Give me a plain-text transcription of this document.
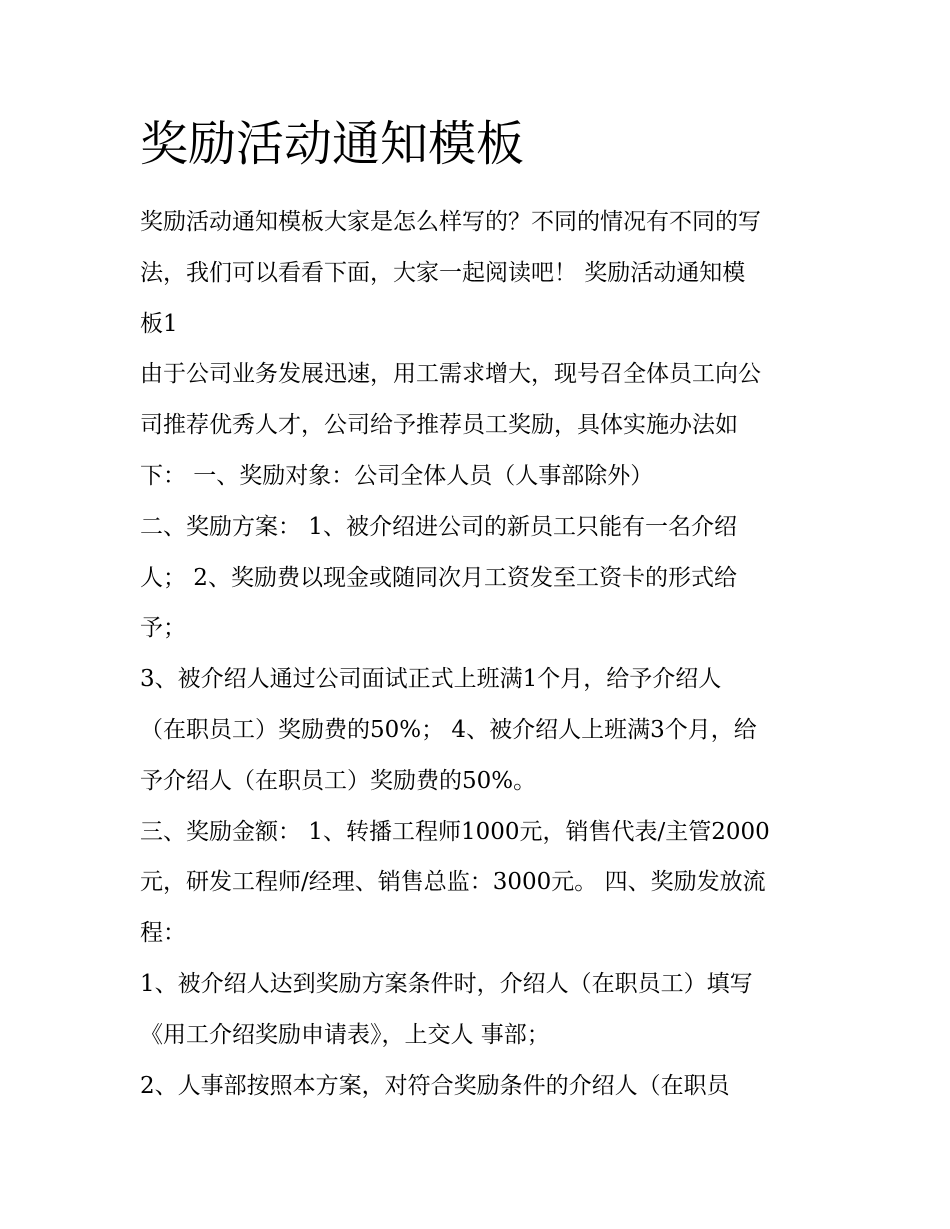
奖励活动通知模板
奖励活动通知模板大家是怎么样写的？不同的情况有不同的写
法，我们可以看看下面，大家一起阅读吧！ 奖励活动通知模
板1
由于公司业务发展迅速，用工需求增大，现号召全体员工向公
司推荐优秀人才，公司给予推荐员工奖励，具体实施办法如
下： 一、奖励对象：公司全体人员（人事部除外）
二、奖励方案： 1、被介绍进公司的新员工只能有一名介绍
人； 2、奖励费以现金或随同次月工资发至工资卡的形式给
予；
3、被介绍人通过公司面试正式上班满1个月，给予介绍人
（在职员工）奖励费的50%； 4、被介绍人上班满3个月，给
予介绍人（在职员工）奖励费的50%。
三、奖励金额： 1、转播工程师1000元，销售代表/主管2000
元，研发工程师/经理、销售总监：3000元。 四、奖励发放流
程：
1、被介绍人达到奖励方案条件时，介绍人（在职员工）填写
《用工介绍奖励申请表》，上交人 事部；
2、人事部按照本方案，对符合奖励条件的介绍人（在职员
